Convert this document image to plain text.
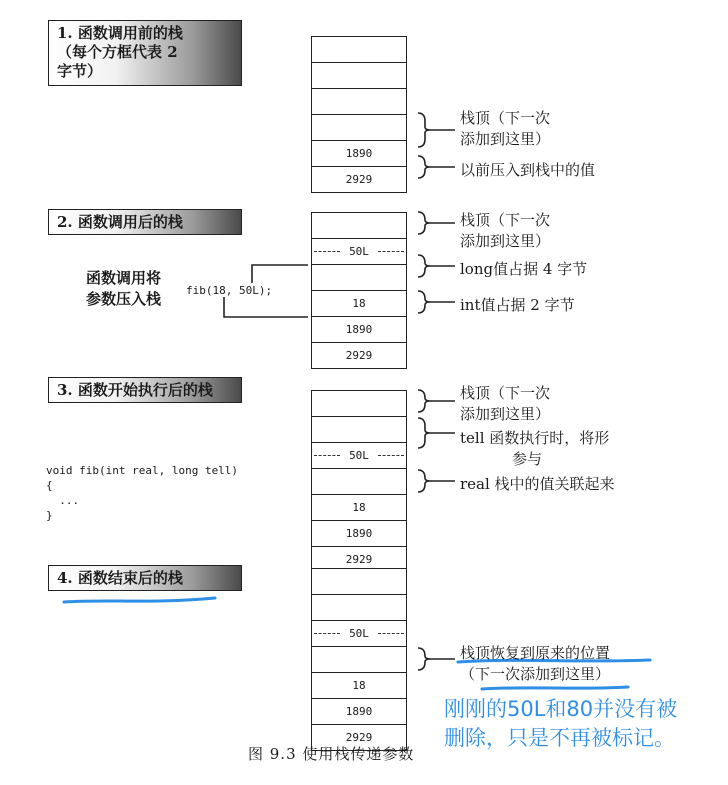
1. 函数调用前的栈
（每个方框代表 2
字节）
2. 函数调用后的栈
3. 函数开始执行后的栈
4. 函数结束后的栈
1890
2929
50L
18
1890
2929
50L
18
1890
2929
50L
18
1890
2929
栈顶（下一次
添加到这里）
以前压入到栈中的值
栈顶（下一次
添加到这里）
long值占据 4 字节
int值占据 2 字节
函数调用将
参数压入栈 fib(18, 50L);
栈顶（下一次
添加到这里）
tell 函数执行时，将形
参与
real 栈中的值关联起来
void fib(int real, long tell)
{
...
}
栈顶恢复到原来的位置
（下一次添加到这里）
刚刚的50L和80并没有被
删除，只是不再被标记。
图 9.3 使用栈传递参数
